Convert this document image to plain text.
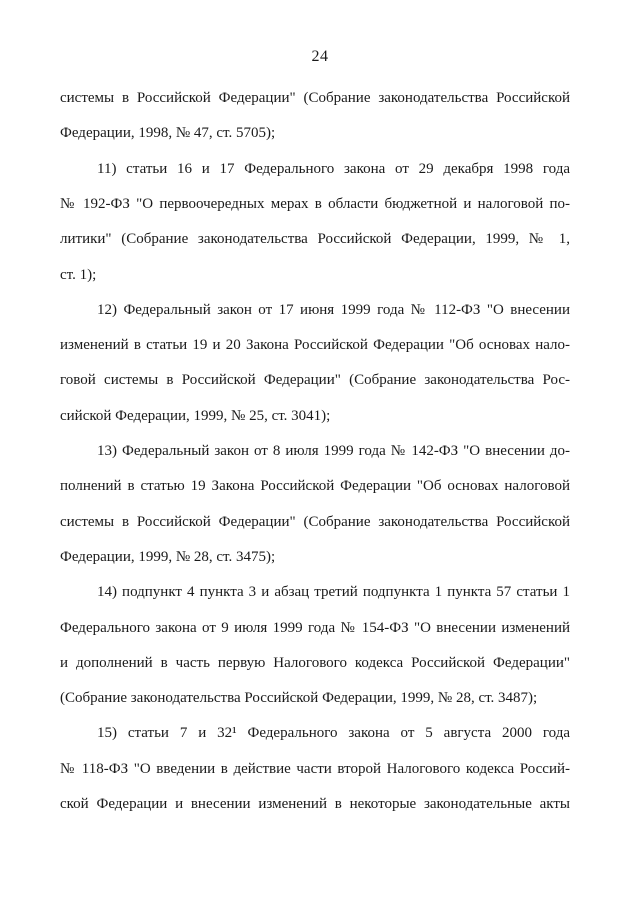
24
системы в Российской Федерации" (Собрание законодательства Российской
Федерации, 1998, № 47, ст. 5705);
11) статьи 16 и 17 Федерального закона от 29 декабря 1998 года
№ 192-ФЗ "О первоочередных мерах в области бюджетной и налоговой по-
литики" (Собрание законодательства Российской Федерации, 1999, № 1,
ст. 1);
12) Федеральный закон от 17 июня 1999 года № 112-ФЗ "О внесении
изменений в статьи 19 и 20 Закона Российской Федерации "Об основах нало-
говой системы в Российской Федерации" (Собрание законодательства Рос-
сийской Федерации, 1999, № 25, ст. 3041);
13) Федеральный закон от 8 июля 1999 года № 142-ФЗ "О внесении до-
полнений в статью 19 Закона Российской Федерации "Об основах налоговой
системы в Российской Федерации" (Собрание законодательства Российской
Федерации, 1999, № 28, ст. 3475);
14) подпункт 4 пункта 3 и абзац третий подпункта 1 пункта 57 статьи 1
Федерального закона от 9 июля 1999 года № 154-ФЗ "О внесении изменений
и дополнений в часть первую Налогового кодекса Российской Федерации"
(Собрание законодательства Российской Федерации, 1999, № 28, ст. 3487);
15) статьи 7 и 32¹ Федерального закона от 5 августа 2000 года
№ 118-ФЗ "О введении в действие части второй Налогового кодекса Россий-
ской Федерации и внесении изменений в некоторые законодательные акты
